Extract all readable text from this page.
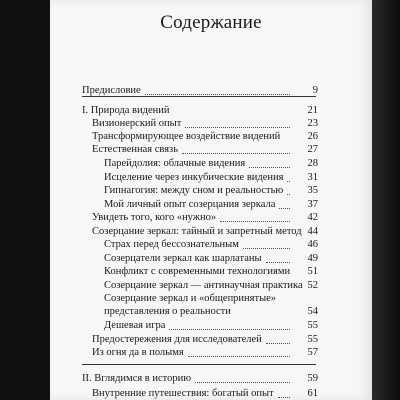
Содержание
Предисловие	9
I. Природа видений	21
Визионерский опыт	23
Трансформирующее воздействие видений	26
Естественная связь	27
Парейдолия: облачные видения	28
Исцеление через инкубические видения	31
Гипнагогия: между сном и реальностью	35
Мой личный опыт созерцания зеркала	37
Увидеть того, кого «нужно»	42
Созерцание зеркал: тайный и запретный метод 44
Страх перед бессознательным	46
Созерцатели зеркал как шарлатаны	49
Конфликт с современными технологиями	51
Созерцание зеркал — антинаучная практика 52
Созерцание зеркал и «общепринятые»
представления о реальности	54
Дешевая игра	55
Предостережения для исследователей	55
Из огня да в полымя	57
II. Вглядимся в историю	59
Внутренние путешествия: богатый опыт	61
